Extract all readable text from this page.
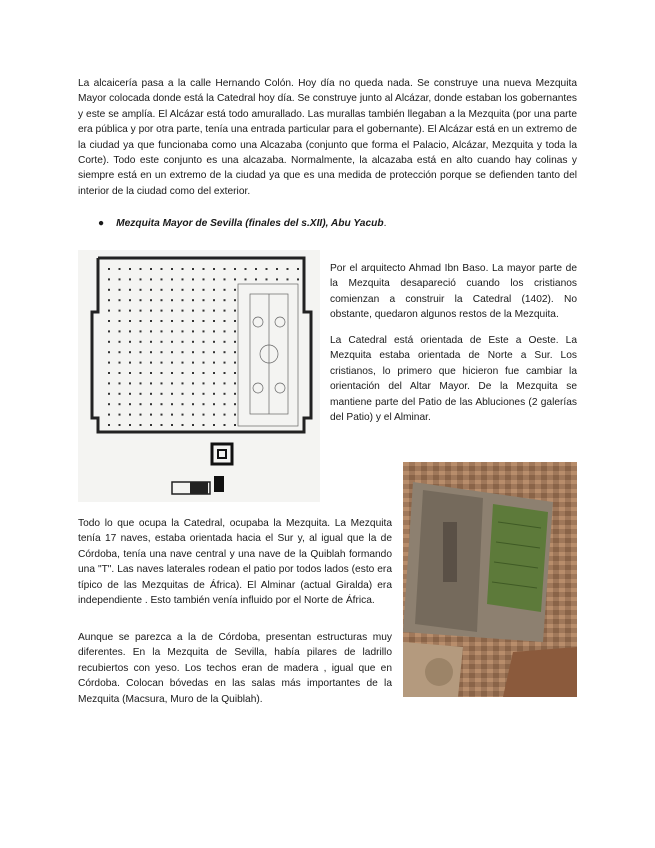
La alcaicería pasa a la calle Hernando Colón. Hoy día no queda nada. Se construye una nueva Mezquita Mayor colocada donde está la Catedral hoy día. Se construye junto al Alcázar, donde estaban los gobernantes y este se amplía. El Alcázar está todo amurallado. Las murallas también llegaban a la Mezquita (por una parte era pública y por otra parte, tenía una entrada particular para el gobernante). El Alcázar está en un extremo de la ciudad ya que funcionaba como una Alcazaba (conjunto que forma el Palacio, Alcázar, Mezquita y toda la Corte). Todo este conjunto es una alcazaba. Normalmente, la alcazaba está en alto cuando hay colinas y siempre está en un extremo de la ciudad ya que es una medida de protección porque se defienden tanto del interior de la ciudad como del exterior.

● Mezquita Mayor de Sevilla (finales del s.XII), Abu Yacub.

Por el arquitecto Ahmad Ibn Baso. La mayor parte de la Mezquita desapareció cuando los cristianos comienzan a construir la Catedral (1402). No obstante, quedaron algunos restos de la Mezquita.

La Catedral está orientada de Este a Oeste. La Mezquita estaba orientada de Norte a Sur. Los cristianos, lo primero que hicieron fue cambiar la orientación del Altar Mayor. De la Mezquita se mantiene parte del Patio de las Abluciones (2 galerías del Patio) y el Alminar.

Todo lo que ocupa la Catedral, ocupaba la Mezquita. La Mezquita tenía 17 naves, estaba orientada hacia el Sur y, al igual que la de Córdoba, tenía una nave central y una nave de la Quiblah formando una "T". Las naves laterales rodean el patio por todos lados (esto era típico de las Mezquitas de África). El Alminar (actual Giralda) era independiente . Esto también venía influido por el Norte de África.

Aunque se parezca a la de Córdoba, presentan estructuras muy diferentes. En la Mezquita de Sevilla, había pilares de ladrillo recubiertos con yeso. Los techos eran de madera , igual que en Córdoba. Colocan bóvedas en las salas más importantes de la Mezquita (Macsura, Muro de la Quiblah).
